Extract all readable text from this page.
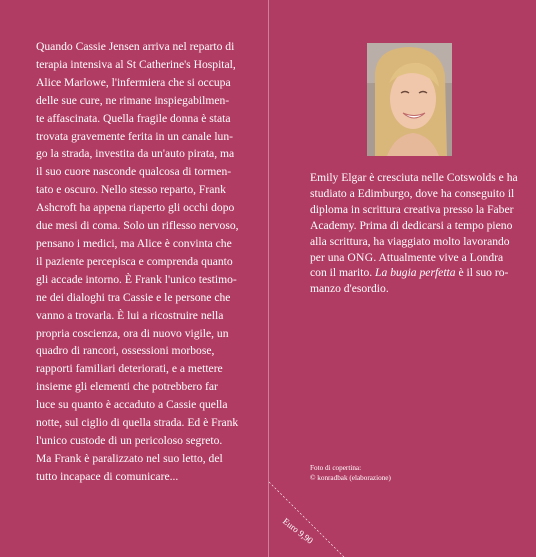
Quando Cassie Jensen arriva nel reparto di
terapia intensiva al St Catherine's Hospital,
Alice Marlowe, l'infermiera che si occupa
delle sue cure, ne rimane inspiegabilmen-
te affascinata. Quella fragile donna è stata
trovata gravemente ferita in un canale lun-
go la strada, investita da un'auto pirata, ma
il suo cuore nasconde qualcosa di tormen-
tato e oscuro. Nello stesso reparto, Frank
Ashcroft ha appena riaperto gli occhi dopo
due mesi di coma. Solo un riflesso nervoso,
pensano i medici, ma Alice è convinta che
il paziente percepisca e comprenda quanto
gli accade intorno. È Frank l'unico testimo-
ne dei dialoghi tra Cassie e le persone che
vanno a trovarla. È lui a ricostruire nella
propria coscienza, ora di nuovo vigile, un
quadro di rancori, ossessioni morbose,
rapporti familiari deteriorati, e a mettere
insieme gli elementi che potrebbero far
luce su quanto è accaduto a Cassie quella
notte, sul ciglio di quella strada. Ed è Frank
l'unico custode di un pericoloso segreto.
Ma Frank è paralizzato nel suo letto, del
tutto incapace di comunicare...

Emily Elgar è cresciuta nelle Cotswolds e ha
studiato a Edimburgo, dove ha conseguito il
diploma in scrittura creativa presso la Faber
Academy. Prima di dedicarsi a tempo pieno
alla scrittura, ha viaggiato molto lavorando
per una ONG. Attualmente vive a Londra
con il marito. La bugia perfetta è il suo ro-
manzo d'esordio.

Foto di copertina:
© konradbak (elaborazione)

Euro 9,90
